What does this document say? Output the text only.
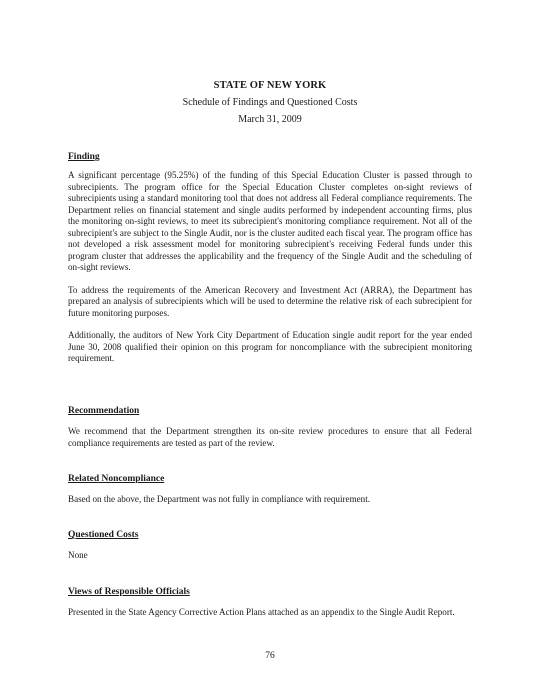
STATE OF NEW YORK
Schedule of Findings and Questioned Costs
March 31, 2009

Finding

A significant percentage (95.25%) of the funding of this Special Education Cluster is passed through to subrecipients. The program office for the Special Education Cluster completes on-sight reviews of subrecipients using a standard monitoring tool that does not address all Federal compliance requirements. The Department relies on financial statement and single audits performed by independent accounting firms, plus the monitoring on-sight reviews, to meet its subrecipient's monitoring compliance requirement. Not all of the subrecipient's are subject to the Single Audit, nor is the cluster audited each fiscal year. The program office has not developed a risk assessment model for monitoring subrecipient's receiving Federal funds under this program cluster that addresses the applicability and the frequency of the Single Audit and the scheduling of on-sight reviews.

To address the requirements of the American Recovery and Investment Act (ARRA), the Department has prepared an analysis of subrecipients which will be used to determine the relative risk of each subrecipient for future monitoring purposes.

Additionally, the auditors of New York City Department of Education single audit report for the year ended June 30, 2008 qualified their opinion on this program for noncompliance with the subrecipient monitoring requirement.

Recommendation

We recommend that the Department strengthen its on-site review procedures to ensure that all Federal compliance requirements are tested as part of the review.

Related Noncompliance

Based on the above, the Department was not fully in compliance with requirement.

Questioned Costs

None

Views of Responsible Officials

Presented in the State Agency Corrective Action Plans attached as an appendix to the Single Audit Report.

76
